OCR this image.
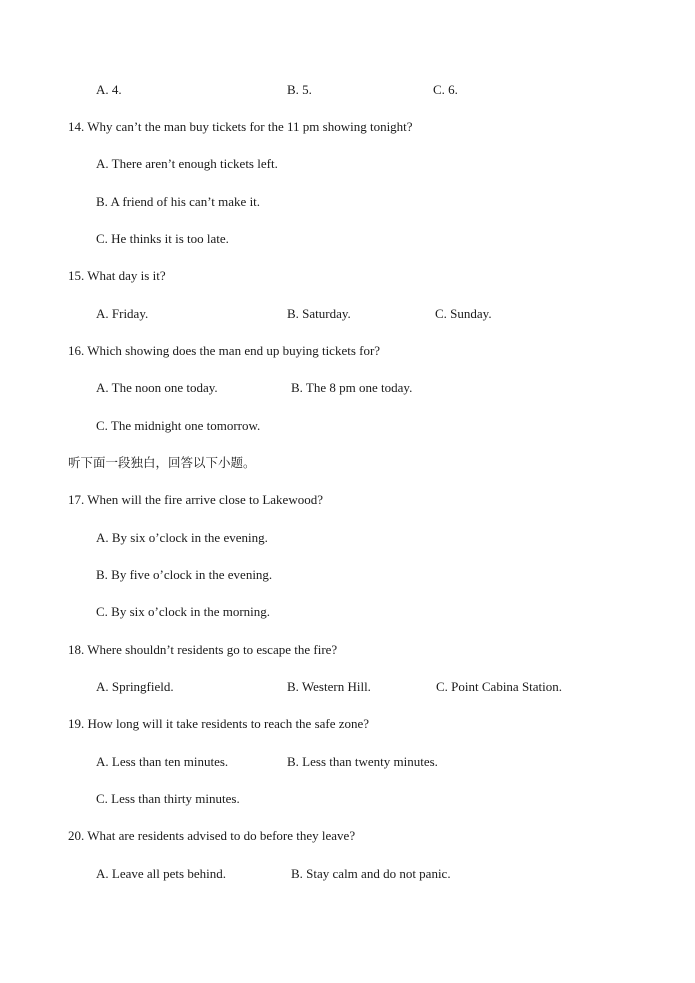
A. 4.	B. 5.	C. 6.
14. Why can’t the man buy tickets for the 11 pm showing tonight?
A. There aren’t enough tickets left.
B. A friend of his can’t make it.
C. He thinks it is too late.
15. What day is it?
A. Friday.	B. Saturday.	C. Sunday.
16. Which showing does the man end up buying tickets for?
A. The noon one today.	B. The 8 pm one today.
C. The midnight one tomorrow.
听下面一段独白，回答以下小题。
17. When will the fire arrive close to Lakewood?
A. By six o’clock in the evening.
B. By five o’clock in the evening.
C. By six o’clock in the morning.
18. Where shouldn’t residents go to escape the fire?
A. Springfield.	B. Western Hill.	C. Point Cabina Station.
19. How long will it take residents to reach the safe zone?
A. Less than ten minutes.	B. Less than twenty minutes.
C. Less than thirty minutes.
20. What are residents advised to do before they leave?
A. Leave all pets behind.	B. Stay calm and do not panic.
